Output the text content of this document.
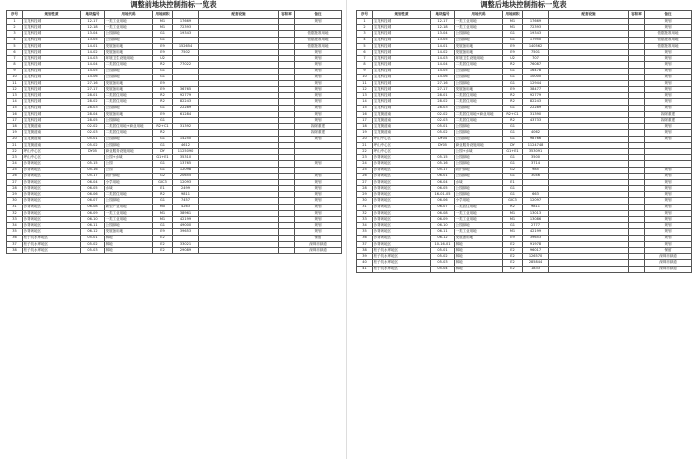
调整前地块控制指标一览表
序号	规划性质	地块编号	用地代码	用地面积		配套设施	容积率	备注
1	宝龙科技城	12-17	一类工业用地	M1	17669			规划
2	宝龙科技城	12-18	一类工业用地	M1	72393			
3	宝龙科技城	13-04	公园绿地	G1	19343			依据批准用地
4	宝龙科技城	13-05	公园绿地	G1				依据批准用地
5	宝龙科技城	14-01	发展备用地	E9	152654			依据批准用地
6	宝龙科技城	14-02	发展备用地	E9	7502			规划
7	宝龙科技城	14-03	环境卫生设施用地	U2				规划
8	宝龙科技城	14-04	二类居住用地	R2	77022			规划
9	宝龙科技城	14-05	公园绿地	G1				规划
10	宝龙科技城	14-06	公园绿地	G1				规划
11	宝龙科技城	27-16	发展备用地	E9				规划
12	宝龙科技城	27-17	发展备用地	E9	36765			规划
13	宝龙科技城	28-01	二类居住用地	R2	92779			规划
14	宝龙科技城	28-02	二类居住用地	R2	82243			规划
15	宝龙科技城	28-03	公园绿地	G1	22289			规划
16	宝龙科技城	28-04	发展备用地	E9	61284			规划
17	宝龙科技城	28-05	公园绿地	G1				规划
18	宝龙街道南	02-02	二类居住用地+商业用地	R2+C1	31392			拆除重建
19	宝龙街道南	02-03	二类居住用地	R2				拆除重建
20	宝龙街道南	05-01	公园绿地	G1	14250			规划
21	宝龙街道南	05-02	公园绿地	G1	4612			
22	坪山中心区	DY05	商业服务设施用地	DY	1125090			
23	坪山中心区		公园+水域	G1+E1	35310			
24	沙背坜地区	05-15	公园	G1	13765			规划
25	沙背坜地区	05-16	公园	G1	12098			
26	沙背坜地区	05-17	防护绿地	G2	20655			规划
27	沙背坜地区	06-04	小学用地	GIC3	12093			规划
28	沙背坜地区	06-05	水域	E1	2499			规划
29	沙背坜地区	06-06	二类居住用地	R2	9811			规划
30	沙背坜地区	06-07	公园绿地	G1	7457			规划
31	沙背坜地区	06-08	新型产业用地	M0	4263			规划
32	沙背坜地区	06-09	一类工业用地	M1	38961			规划
33	沙背坜地区	06-10	一类工业用地	M1	42199			规划
34	沙背坜地区	06-11	公园绿地	G1	49000			规划
35	沙背坜地区	06-12	发展备用地	E9	39653			规划
36	松子坑水库地区	05-01	林地	E2				保留
37	松子坑水库地区	05-02	林地	E2	33021			深圳市绿道
38	松子坑水库地区	05-03	林地	E2	29089			深圳市绿道
调整后地块控制指标一览表
序号	规划性质	地块编号	用地代码	用地面积		配套设施	容积率	备注
1	宝龙科技城	12-17	一类工业用地	M1	17669			规划
2	宝龙科技城	12-18	一类工业用地	M1	72393			规划
3	宝龙科技城	13-04	公园绿地	G1	19343			依据批准用地
4	宝龙科技城	13-05	公园绿地	G1	17950			依据批准用地
5	宝龙科技城	14-01	发展备用地	E9	140562			依据批准用地
6	宝龙科技城	14-02	发展备用地	E9	7501			规划
7	宝龙科技城	14-03	环境卫生设施用地	U2	707			规划
8	宝龙科技城	14-04	二类居住用地	R2	76087			规划
9	宝龙科技城	14-05	公园绿地	G1	16478			规划
10	宝龙科技城	14-06	公园绿地	G1	10000			规划
11	宝龙科技城	27-16	公园绿地	G1	12944			规划
12	宝龙科技城	27-17	发展备用地	E9	38477			规划
13	宝龙科技城	28-01	二类居住用地	R2	92779			规划
14	宝龙科技城	28-02	二类居住用地	R2	82243			规划
15	宝龙科技城	28-03	公园绿地	G1	22289			规划
16	宝龙街道南	02-02	二类居住用地+商业用地	R2+C1	31390			拆除重建
17	宝龙街道南	02-03	二类居住用地	R2	43733			拆除重建
18	宝龙街道南	05-01	公园绿地	G1				规划
19	宝龙街道南	05-02	公园绿地	G1	4062			规划
20	坪山中心区	DY04	公园绿地	G1	98766			规划
21	坪山中心区	DY05	商业服务设施用地	DY	1124748			
22	坪山中心区		公园+水域	G1+E1	353091			
23	沙背坜地区	05-15	公园绿地	G1	3500			
24	沙背坜地区	05-16	公园绿地	G1	3714			
25	沙背坜地区	05-17	防护绿地	G2	985			规划
26	沙背坜地区	06-01	公园绿地	G1	3046			规划
27	沙背坜地区	06-04	水域	E1				规划
28	沙背坜地区	06-05	公园绿地	G1				规划
29	沙背坜地区	16-01-05	公园绿地	G1	663			规划
30	沙背坜地区	06-06	小学用地	GIC3	12097			规划
31	沙背坜地区	06-07	二类居住用地	R2	9811			规划
32	沙背坜地区	06-08	一类工业用地	M1	13013			规划
33	沙背坜地区	06-09	一类工业用地	M1	13086			规划
34	沙背坜地区	06-10	公园绿地	G1	2777			规划
35	沙背坜地区	06-11	一类工业用地	M1	42199			规划
36	沙背坜地区	06-12	发展备用地	E9	39653			规划
37	沙背坜地区	10-16-01	林地	E2	91978			规划
38	松子坑水库地区	05-01	林地	E2	96017			保留
39	松子坑水库地区	05-02	林地	E2	126570			深圳市绿道
40	松子坑水库地区	05-03	林地	E2	285844			深圳市绿道
41	松子坑水库地区	05-04	林地	E2	1833			深圳市绿道
